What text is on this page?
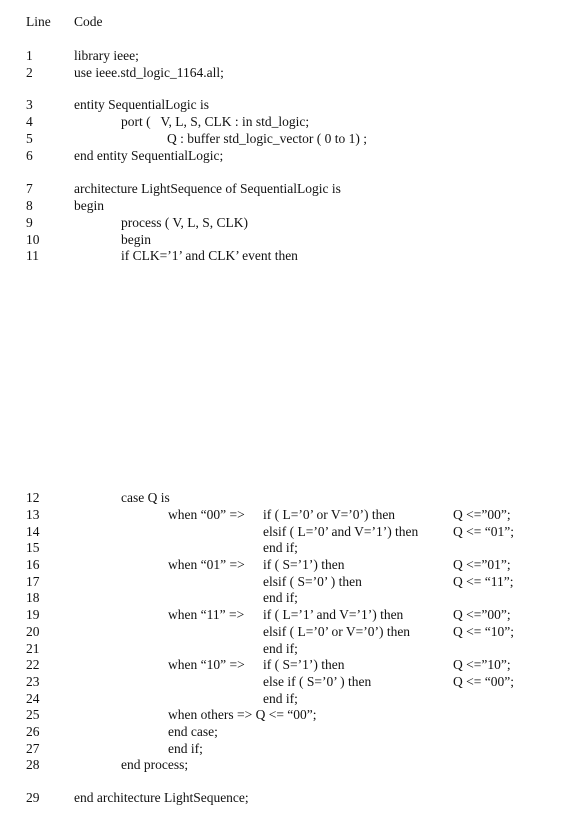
Line Code
1	library ieee;
2	use ieee.std_logic_1164.all;
3	entity SequentialLogic is
4	port (   V, L, S, CLK : in std_logic;
5	Q : buffer std_logic_vector ( 0 to 1) ;
6	end entity SequentialLogic;
7	architecture LightSequence of SequentialLogic is
8	begin
9	process ( V, L, S, CLK)
10	begin
11	if CLK=’1’ and CLK’ event then
12	case Q is
13	when “00” => if ( L=’0’ or V=’0’) then	Q <=”00”;
14	elsif ( L=’0’ and V=’1’) then	Q <= “01”;
15	end if;
16	when “01” => if ( S=’1’) then	Q <=”01”;
17	elsif ( S=’0’ ) then	Q <= “11”;
18	end if;
19	when “11” => if ( L=’1’ and V=’1’) then	Q <=”00”;
20	elsif ( L=’0’ or V=’0’) then	Q <= “10”;
21	end if;
22	when “10” => if ( S=’1’) then	Q <=”10”;
23	else if ( S=’0’ ) then	Q <= “00”;
24	end if;
25	when others => Q <= “00”;
26	end case;
27	end if;
28	end process;
29	end architecture LightSequence;
